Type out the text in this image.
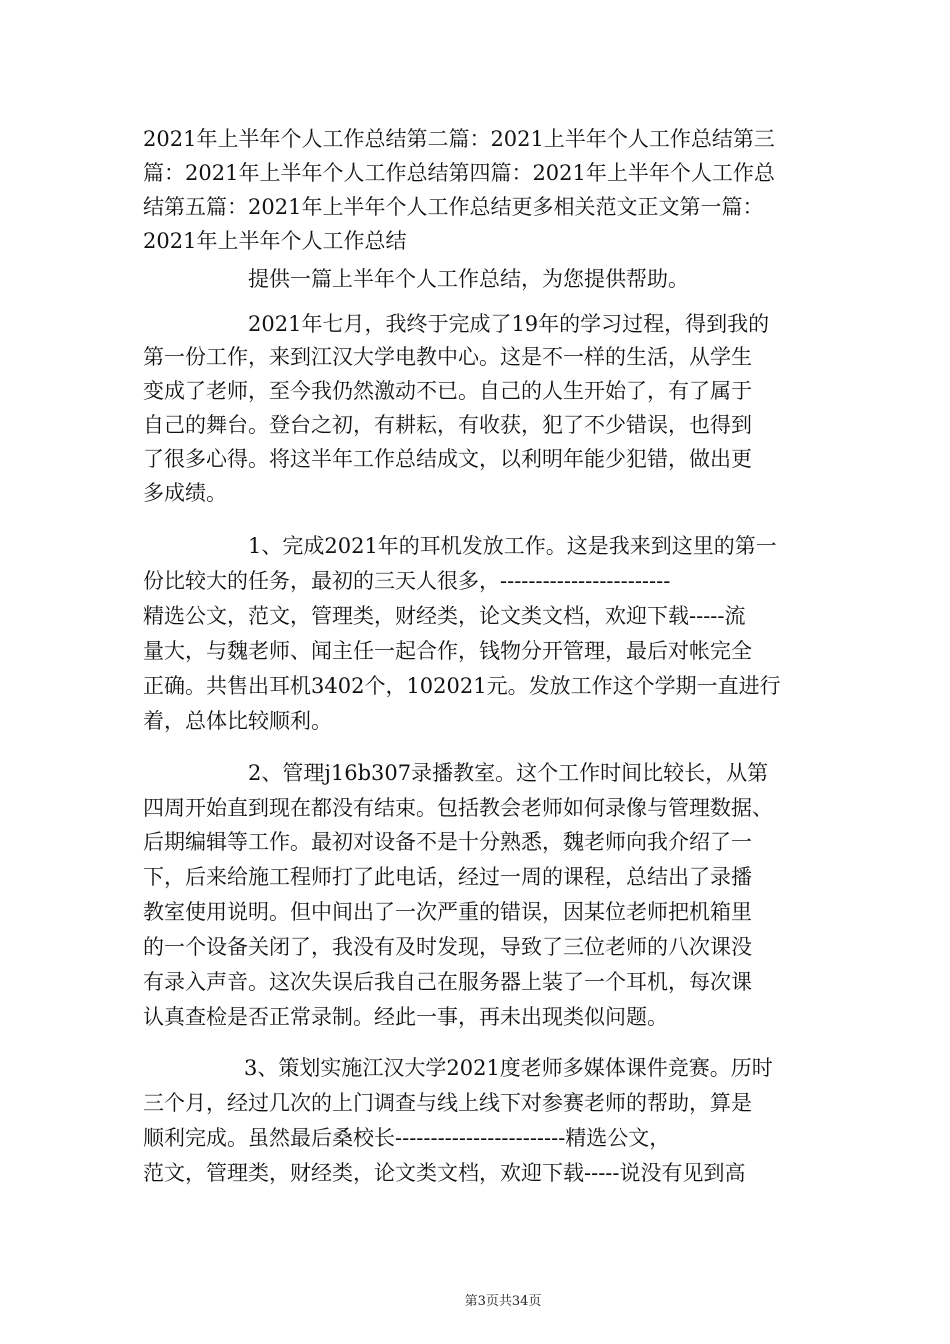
2021年上半年个人工作总结第二篇：2021上半年个人工作总结第三
篇：2021年上半年个人工作总结第四篇：2021年上半年个人工作总
结第五篇：2021年上半年个人工作总结更多相关范文正文第一篇：
2021年上半年个人工作总结
提供一篇上半年个人工作总结，为您提供帮助。
2021年七月，我终于完成了19年的学习过程，得到我的
第一份工作，来到江汉大学电教中心。这是不一样的生活，从学生
变成了老师，至今我仍然激动不已。自己的人生开始了，有了属于
自己的舞台。登台之初，有耕耘，有收获，犯了不少错误，也得到
了很多心得。将这半年工作总结成文，以利明年能少犯错，做出更
多成绩。
1、完成2021年的耳机发放工作。这是我来到这里的第一
份比较大的任务，最初的三天人很多，------------------------
精选公文，范文，管理类，财经类，论文类文档，欢迎下载-----流
量大，与魏老师、闻主任一起合作，钱物分开管理，最后对帐完全
正确。共售出耳机3402个，102021元。发放工作这个学期一直进行
着，总体比较顺利。
2、管理j16b307录播教室。这个工作时间比较长，从第
四周开始直到现在都没有结束。包括教会老师如何录像与管理数据、
后期编辑等工作。最初对设备不是十分熟悉，魏老师向我介绍了一
下，后来给施工程师打了此电话，经过一周的课程，总结出了录播
教室使用说明。但中间出了一次严重的错误，因某位老师把机箱里
的一个设备关闭了，我没有及时发现，导致了三位老师的八次课没
有录入声音。这次失误后我自己在服务器上装了一个耳机，每次课
认真查检是否正常录制。经此一事，再未出现类似问题。
3、策划实施江汉大学2021度老师多媒体课件竞赛。历时
三个月，经过几次的上门调查与线上线下对参赛老师的帮助，算是
顺利完成。虽然最后桑校长------------------------精选公文，
范文，管理类，财经类，论文类文档，欢迎下载-----说没有见到高
第3页共34页
